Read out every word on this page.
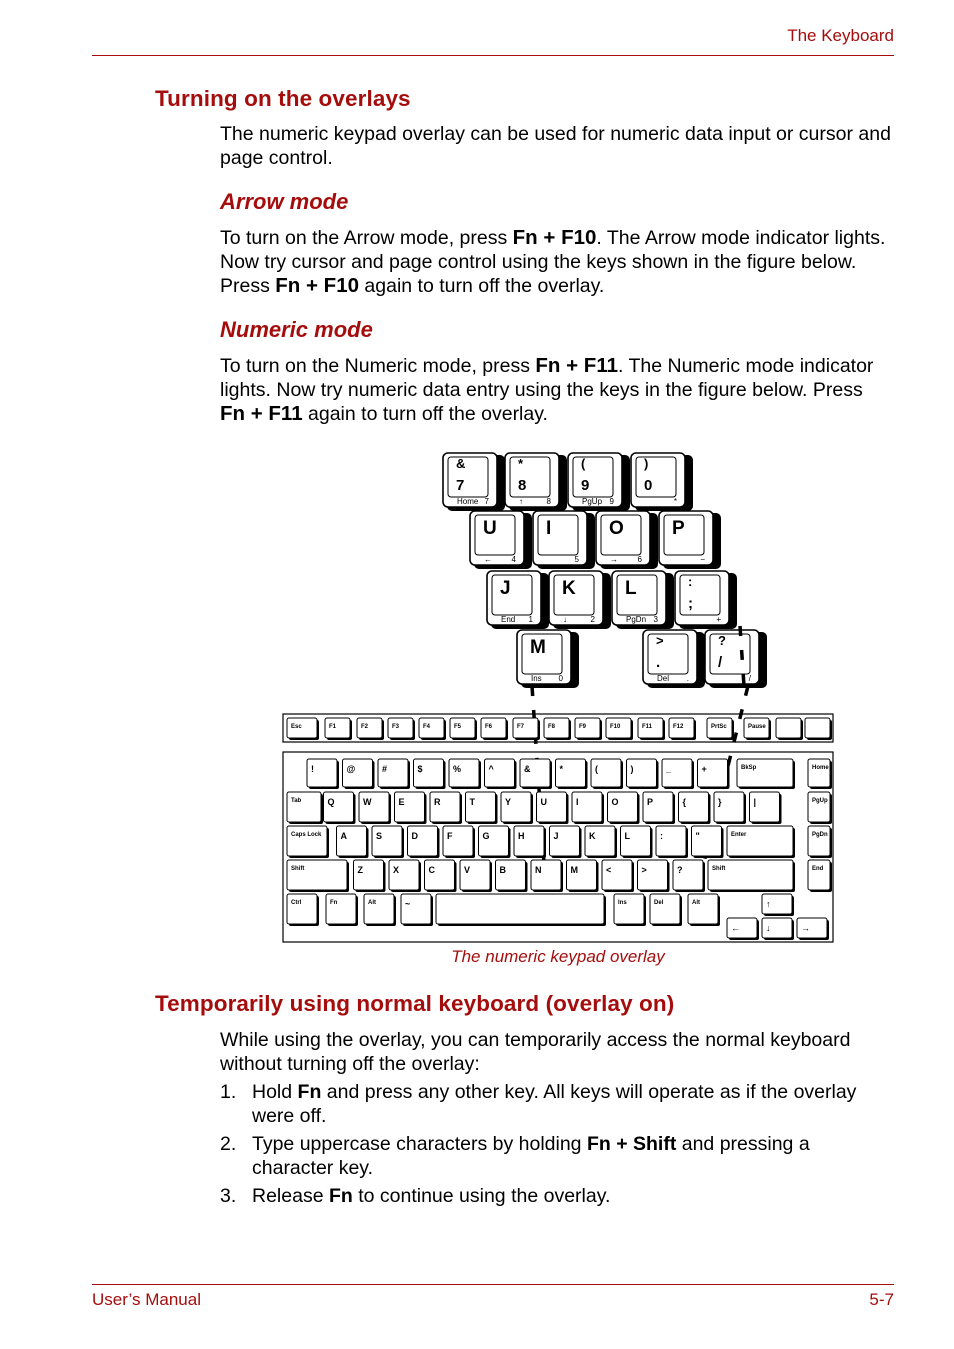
The Keyboard
Turning on the overlays
The numeric keypad overlay can be used for numeric data input or cursor and page control.
Arrow mode
To turn on the Arrow mode, press Fn + F10. The Arrow mode indicator lights. Now try cursor and page control using the keys shown in the figure below. Press Fn + F10 again to turn off the overlay.
Numeric mode
To turn on the Numeric mode, press Fn + F11. The Numeric mode indicator lights. Now try numeric data entry using the keys in the figure below. Press Fn + F11 again to turn off the overlay.
&
7
Home 7
*
8
↑	8
(
9
PgUp 9
)
0
*
U
← 4
I
5
O
→ 6
P
−
J
End 1
K
↓	2
L
PgDn 3
:
;
+
M
Ins 0
>
.
Del .
?
/
/
Esc	F1	F2	F3	F4	F5	F6	F7	F8	F9	F10	F11	F12	PrtSc	Pause
!	@	#	$	%	^	&	*	(	)	_	+	BkSp	Home
Tab	Q	W	E	R	T	Y	U	I	O	P	{	}	|	PgUp
Caps Lock A	S	D	F	G	H	J	K	L	:	"	Enter	PgDn
Shift	Z	X	C	V	B	N	M	<	>	?	Shift	End
Ctrl	Fn	Alt	~	Ins	Del	Alt	↑
←	↓	→
The numeric keypad overlay
Temporarily using normal keyboard (overlay on)
While using the overlay, you can temporarily access the normal keyboard without turning off the overlay:
1. Hold Fn and press any other key. All keys will operate as if the overlay were off.
2. Type uppercase characters by holding Fn + Shift and pressing a character key.
3. Release Fn to continue using the overlay.
User’s Manual	5-7
